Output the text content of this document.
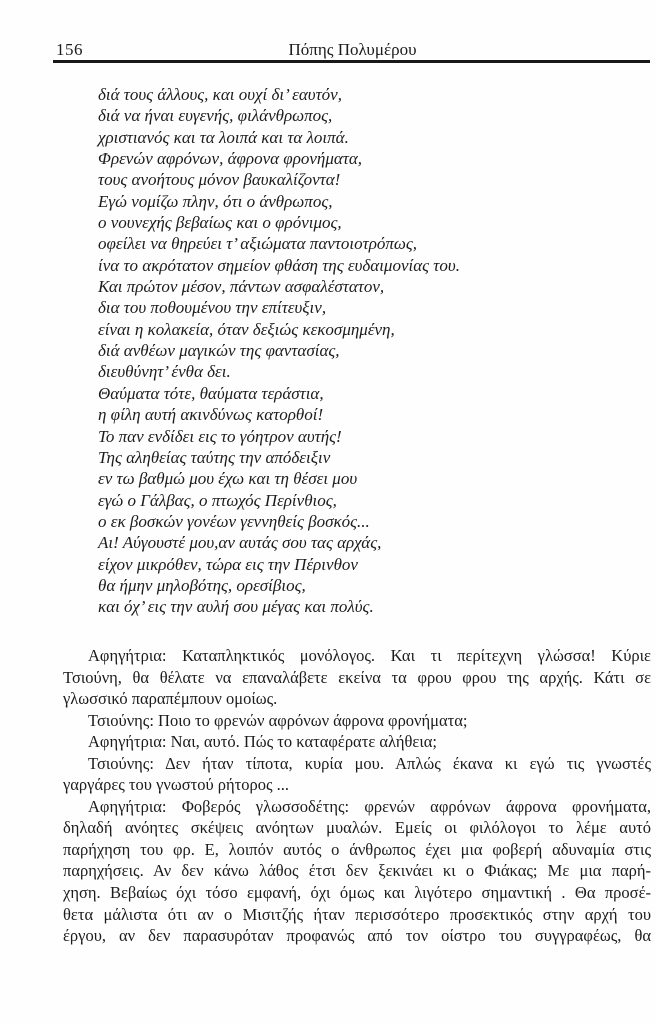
156	Πόπης Πολυμέρου
διά τους άλλους, και ουχί δι’ εαυτόν,
διά να ήναι ευγενής, φιλάνθρωπος,
χριστιανός και τα λοιπά και τα λοιπά.
Φρενών αφρόνων, άφρονα φρονήματα,
τους ανοήτους μόνον βαυκαλίζοντα!
Εγώ νομίζω πλην, ότι ο άνθρωπος,
ο νουνεχής βεβαίως και ο φρόνιμος,
οφείλει να θηρεύει τ’ αξιώματα παντοιοτρόπως,
ίνα το ακρότατον σημείον φθάση της ευδαιμονίας του.
Και πρώτον μέσον, πάντων ασφαλέστατον,
δια του ποθουμένου την επίτευξιν,
είναι η κολακεία, όταν δεξιώς κεκοσμημένη,
διά ανθέων μαγικών της φαντασίας,
διευθύνητ’ ένθα δει.
Θαύματα τότε, θαύματα τεράστια,
η φίλη αυτή ακινδύνως κατορθοί!
Το παν ενδίδει εις το γόητρον αυτής!
Της αληθείας ταύτης την απόδειξιν
εν τω βαθμώ μου έχω και τη θέσει μου
εγώ ο Γάλβας, ο πτωχός Περίνθιος,
ο εκ βοσκών γονέων γεννηθείς βοσκός...
Αι! Αύγουστέ μου,αν αυτάς σου τας αρχάς,
είχον μικρόθεν, τώρα εις την Πέρινθον
θα ήμην μηλοβότης, ορεσίβιος,
και όχ’ εις την αυλή σου μέγας και πολύς.
Αφηγήτρια: Καταπληκτικός μονόλογος. Και τι περίτεχνη γλώσσα! Κύριε
Τσιούνη, θα θέλατε να επαναλάβετε εκείνα τα φρου φρου της αρχής. Κάτι σε
γλωσσικό παραπέμπουν ομοίως.
Τσιούνης: Ποιο το φρενών αφρόνων άφρονα φρονήματα;
Αφηγήτρια: Ναι, αυτό. Πώς το καταφέρατε αλήθεια;
Τσιούνης: Δεν ήταν τίποτα, κυρία μου. Απλώς έκανα κι εγώ τις γνωστές
γαργάρες του γνωστού ρήτορος ...
Αφηγήτρια: Φοβερός γλωσσοδέτης: φρενών αφρόνων άφρονα φρονήματα,
δηλαδή ανόητες σκέψεις ανόητων μυαλών. Εμείς οι φιλόλογοι το λέμε αυτό
παρήχηση του φρ. Ε, λοιπόν αυτός ο άνθρωπος έχει μια φοβερή αδυναμία στις
παρηχήσεις. Αν δεν κάνω λάθος έτσι δεν ξεκινάει κι ο Φιάκας; Με μια παρή-
χηση. Βεβαίως όχι τόσο εμφανή, όχι όμως και λιγότερο σημαντική . Θα προσέ-
θετα μάλιστα ότι αν ο Μισιτζής ήταν περισσότερο προσεκτικός στην αρχή του
έργου, αν δεν παρασυρόταν προφανώς από τον οίστρο του συγγραφέως, θα
